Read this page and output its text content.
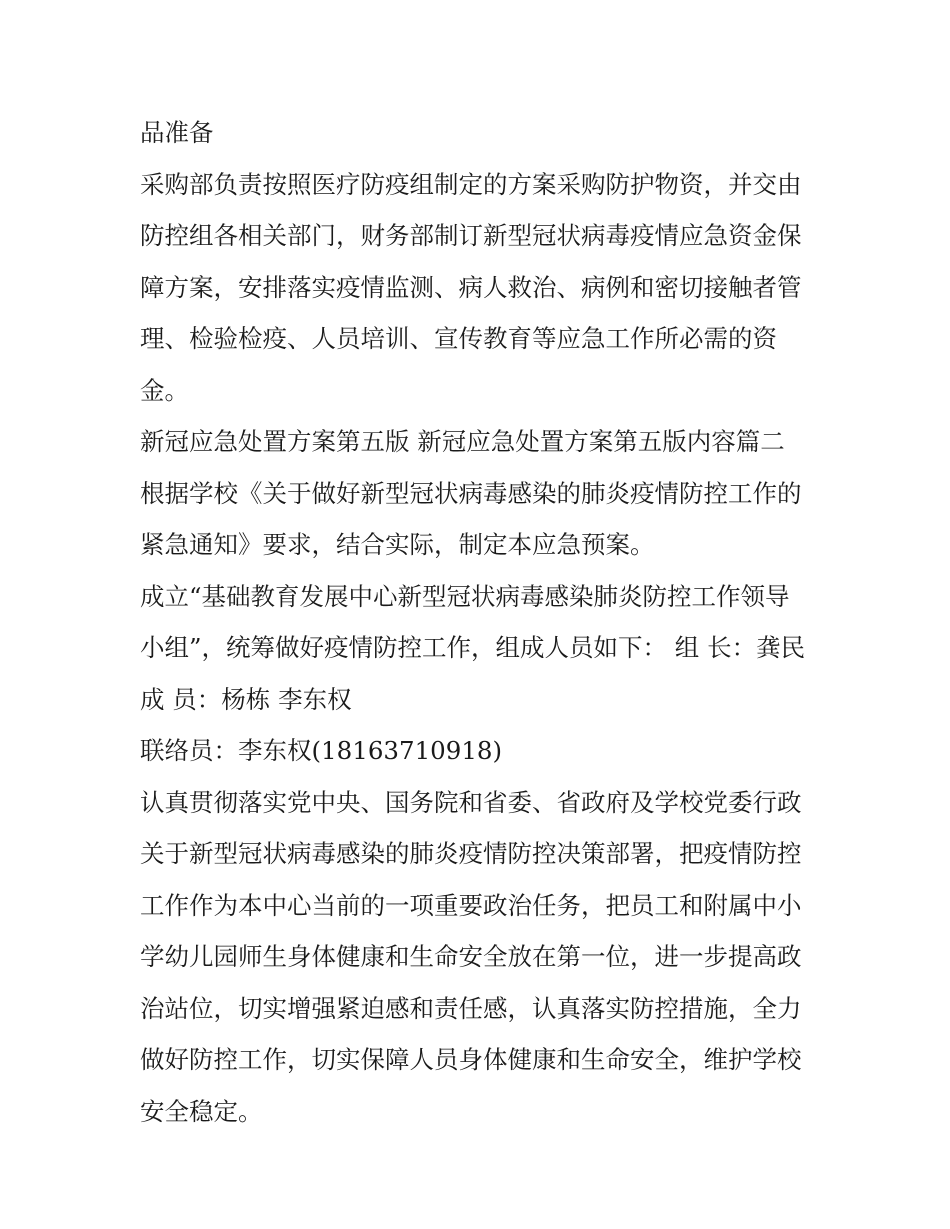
品准备

采购部负责按照医疗防疫组制定的方案采购防护物资，并交由
防控组各相关部门，财务部制订新型冠状病毒疫情应急资金保
障方案，安排落实疫情监测、病人救治、病例和密切接触者管
理、检验检疫、人员培训、宣传教育等应急工作所必需的资
金。

新冠应急处置方案第五版 新冠应急处置方案第五版内容篇二

根据学校《关于做好新型冠状病毒感染的肺炎疫情防控工作的
紧急通知》要求，结合实际，制定本应急预案。

成立“基础教育发展中心新型冠状病毒感染肺炎防控工作领导
小组”，统筹做好疫情防控工作，组成人员如下： 组 长：龚民

成 员：杨栋 李东权

联络员：李东权(18163710918)

认真贯彻落实党中央、国务院和省委、省政府及学校党委行政
关于新型冠状病毒感染的肺炎疫情防控决策部署，把疫情防控
工作作为本中心当前的一项重要政治任务，把员工和附属中小
学幼儿园师生身体健康和生命安全放在第一位，进一步提高政
治站位，切实增强紧迫感和责任感，认真落实防控措施，全力
做好防控工作，切实保障人员身体健康和生命安全，维护学校
安全稳定。
